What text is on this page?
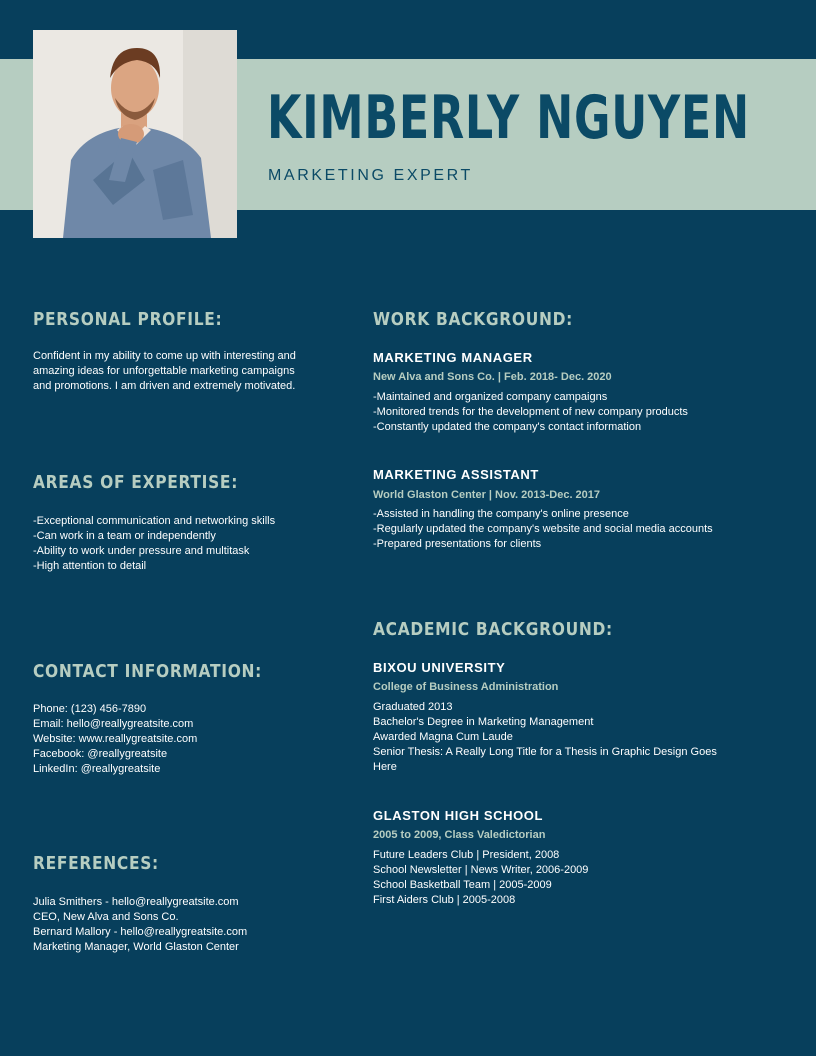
KIMBERLY NGUYEN
MARKETING EXPERT
PERSONAL PROFILE:
Confident in my ability to come up with interesting and
amazing ideas for unforgettable marketing campaigns
and promotions. I am driven and extremely motivated.
AREAS OF EXPERTISE:
-Exceptional communication and networking skills
-Can work in a team or independently
-Ability to work under pressure and multitask
-High attention to detail
CONTACT INFORMATION:
Phone: (123) 456-7890
Email: hello@reallygreatsite.com
Website: www.reallygreatsite.com
Facebook: @reallygreatsite
LinkedIn: @reallygreatsite
REFERENCES:
Julia Smithers - hello@reallygreatsite.com
CEO, New Alva and Sons Co.
Bernard Mallory - hello@reallygreatsite.com
Marketing Manager, World Glaston Center
WORK BACKGROUND:
MARKETING MANAGER
New Alva and Sons Co. | Feb. 2018- Dec. 2020
-Maintained and organized company campaigns
-Monitored trends for the development of new company products
-Constantly updated the company's contact information
MARKETING ASSISTANT
World Glaston Center | Nov. 2013-Dec. 2017
-Assisted in handling the company's online presence
-Regularly updated the company's website and social media accounts
-Prepared presentations for clients
ACADEMIC BACKGROUND:
BIXOU UNIVERSITY
College of Business Administration
Graduated 2013
Bachelor's Degree in Marketing Management
Awarded Magna Cum Laude
Senior Thesis: A Really Long Title for a Thesis in Graphic Design Goes
Here
GLASTON HIGH SCHOOL
2005 to 2009, Class Valedictorian
Future Leaders Club | President, 2008
School Newsletter | News Writer, 2006-2009
School Basketball Team | 2005-2009
First Aiders Club | 2005-2008
